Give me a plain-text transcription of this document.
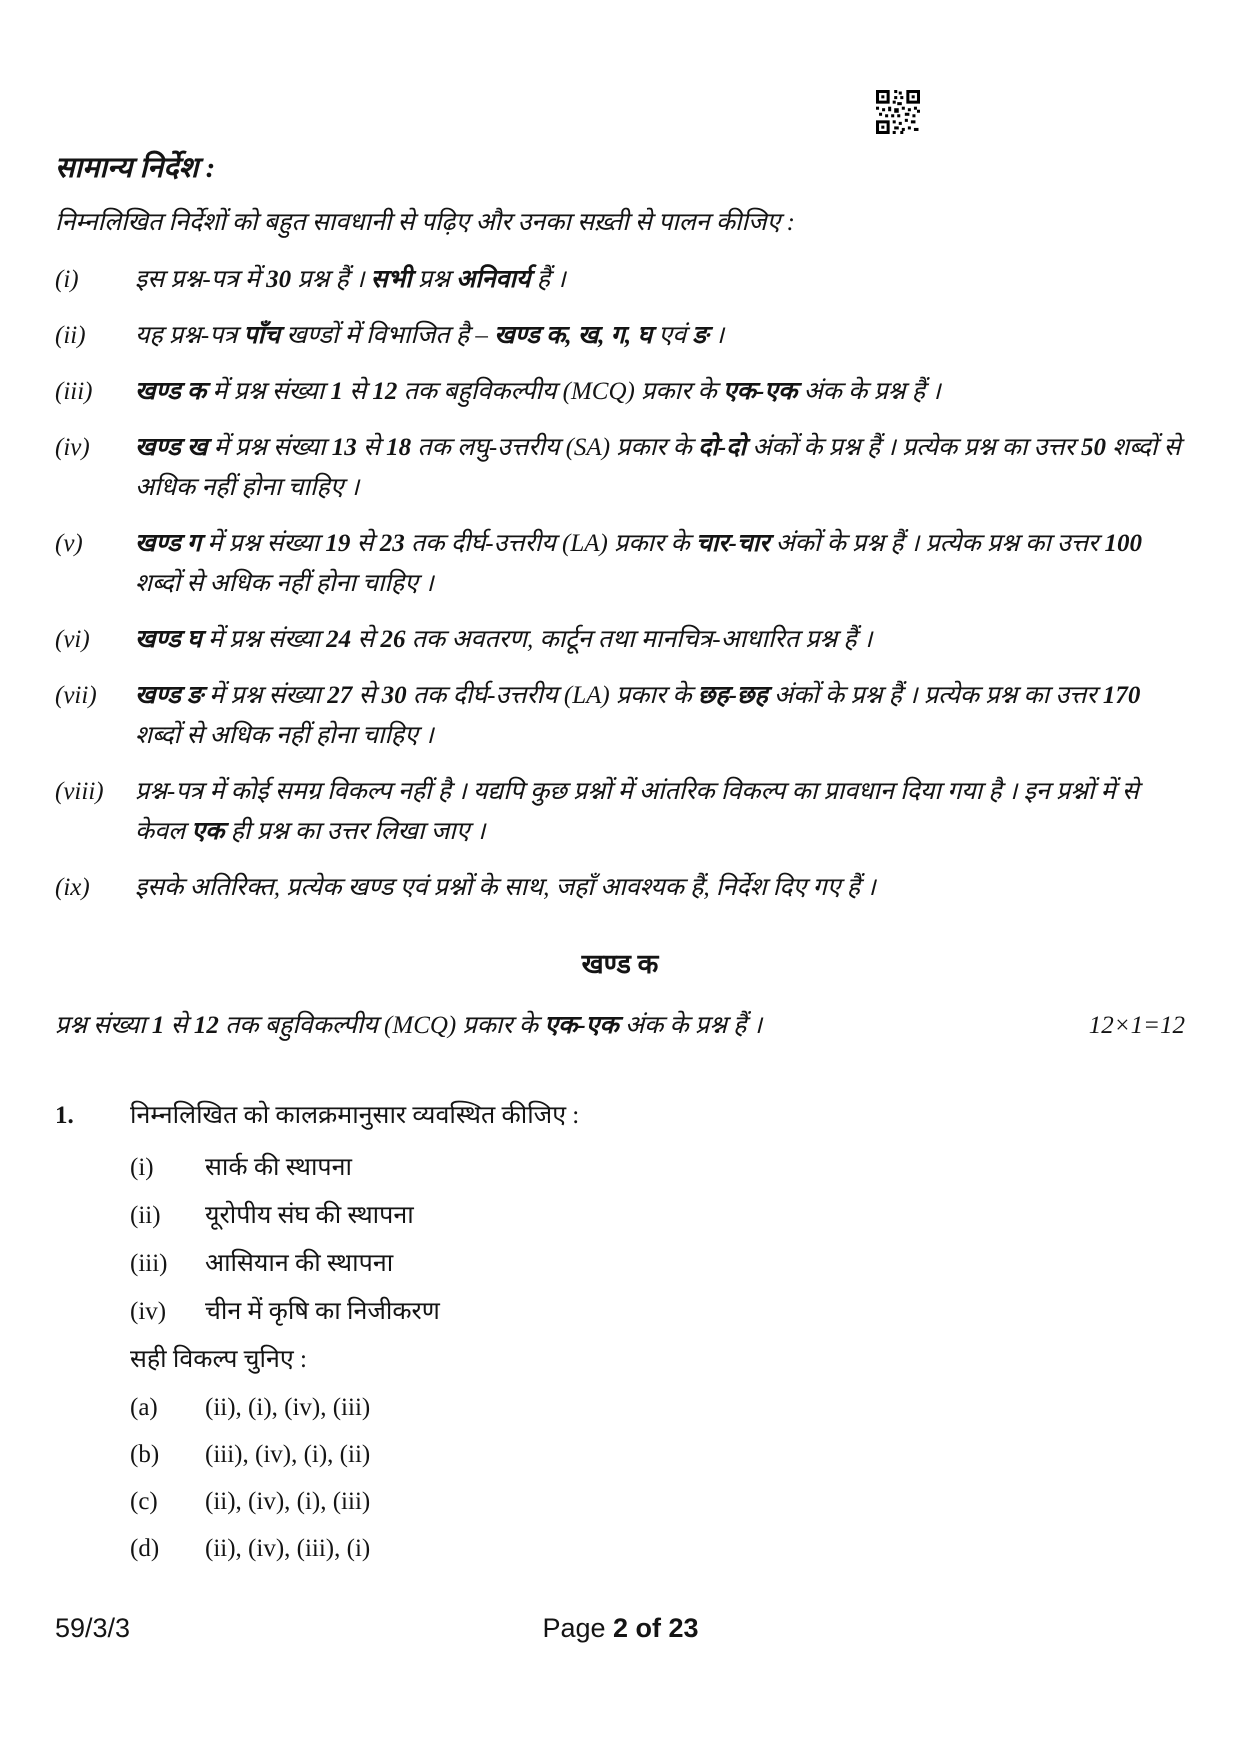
सामान्य निर्देश :
निम्नलिखित निर्देशों को बहुत सावधानी से पढ़िए और उनका सख़्ती से पालन कीजिए :
(i)	इस प्रश्न-पत्र में 30 प्रश्न हैं । सभी प्रश्न अनिवार्य हैं ।
(ii)	यह प्रश्न-पत्र पाँच खण्डों में विभाजित है – खण्ड क, ख, ग, घ एवं ङ ।
(iii)	खण्ड क में प्रश्न संख्या 1 से 12 तक बहुविकल्पीय (MCQ) प्रकार के एक-एक अंक के प्रश्न हैं ।
(iv)	खण्ड ख में प्रश्न संख्या 13 से 18 तक लघु-उत्तरीय (SA) प्रकार के दो-दो अंकों के प्रश्न हैं । प्रत्येक प्रश्न का उत्तर 50 शब्दों से अधिक नहीं होना चाहिए ।
(v)	खण्ड ग में प्रश्न संख्या 19 से 23 तक दीर्घ-उत्तरीय (LA) प्रकार के चार-चार अंकों के प्रश्न हैं । प्रत्येक प्रश्न का उत्तर 100 शब्दों से अधिक नहीं होना चाहिए ।
(vi)	खण्ड घ में प्रश्न संख्या 24 से 26 तक अवतरण, कार्टून तथा मानचित्र-आधारित प्रश्न हैं ।
(vii)	खण्ड ङ में प्रश्न संख्या 27 से 30 तक दीर्घ-उत्तरीय (LA) प्रकार के छह-छह अंकों के प्रश्न हैं । प्रत्येक प्रश्न का उत्तर 170 शब्दों से अधिक नहीं होना चाहिए ।
(viii)	प्रश्न-पत्र में कोई समग्र विकल्प नहीं है । यद्यपि कुछ प्रश्नों में आंतरिक विकल्प का प्रावधान दिया गया है । इन प्रश्नों में से केवल एक ही प्रश्न का उत्तर लिखा जाए ।
(ix)	इसके अतिरिक्त, प्रत्येक खण्ड एवं प्रश्नों के साथ, जहाँ आवश्यक हैं, निर्देश दिए गए हैं ।
खण्ड क
प्रश्न संख्या 1 से 12 तक बहुविकल्पीय (MCQ) प्रकार के एक-एक अंक के प्रश्न हैं ।	12×1=12
1.	निम्नलिखित को कालक्रमानुसार व्यवस्थित कीजिए :
(i)	सार्क की स्थापना
(ii)	यूरोपीय संघ की स्थापना
(iii)	आसियान की स्थापना
(iv)	चीन में कृषि का निजीकरण
सही विकल्प चुनिए :
(a)	(ii), (i), (iv), (iii)
(b)	(iii), (iv), (i), (ii)
(c)	(ii), (iv), (i), (iii)
(d)	(ii), (iv), (iii), (i)
59/3/3	Page 2 of 23
